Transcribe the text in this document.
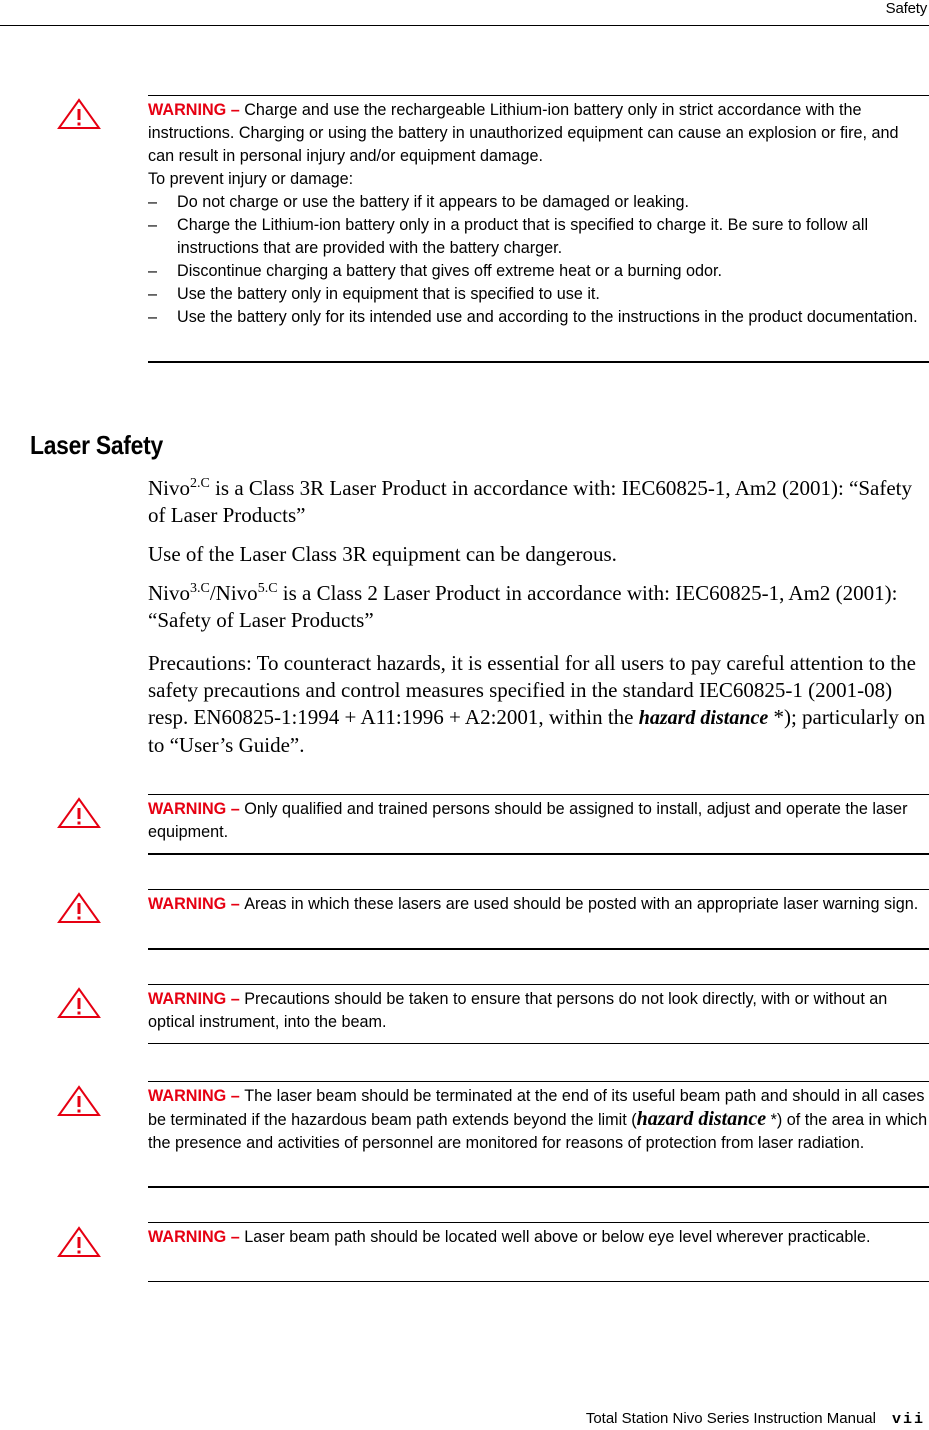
Safety
WARNING – Charge and use the rechargeable Lithium-ion battery only in strict accordance with the instructions. Charging or using the battery in unauthorized equipment can cause an explosion or fire, and can result in personal injury and/or equipment damage.
To prevent injury or damage:
– Do not charge or use the battery if it appears to be damaged or leaking.
– Charge the Lithium-ion battery only in a product that is specified to charge it. Be sure to follow all instructions that are provided with the battery charger.
– Discontinue charging a battery that gives off extreme heat or a burning odor.
– Use the battery only in equipment that is specified to use it.
– Use the battery only for its intended use and according to the instructions in the product documentation.
Laser Safety
Nivo$^{2.C}$ is a Class 3R Laser Product in accordance with: IEC60825-1, Am2 (2001): “Safety of Laser Products”
Use of the Laser Class 3R equipment can be dangerous.
Nivo$^{3.C}$/Nivo$^{5.C}$ is a Class 2 Laser Product in accordance with: IEC60825-1, Am2 (2001): “Safety of Laser Products”
Precautions: To counteract hazards, it is essential for all users to pay careful attention to the safety precautions and control measures specified in the standard IEC60825-1 (2001-08) resp. EN60825-1:1994 + A11:1996 + A2:2001, within the hazard distance *); particularly on to “User’s Guide”.
WARNING – Only qualified and trained persons should be assigned to install, adjust and operate the laser equipment.
WARNING – Areas in which these lasers are used should be posted with an appropriate laser warning sign.
WARNING – Precautions should be taken to ensure that persons do not look directly, with or without an optical instrument, into the beam.
WARNING – The laser beam should be terminated at the end of its useful beam path and should in all cases be terminated if the hazardous beam path extends beyond the limit (hazard distance *) of the area in which the presence and activities of personnel are monitored for reasons of protection from laser radiation.
WARNING – Laser beam path should be located well above or below eye level wherever practicable.
Total Station Nivo Series Instruction Manual vii
